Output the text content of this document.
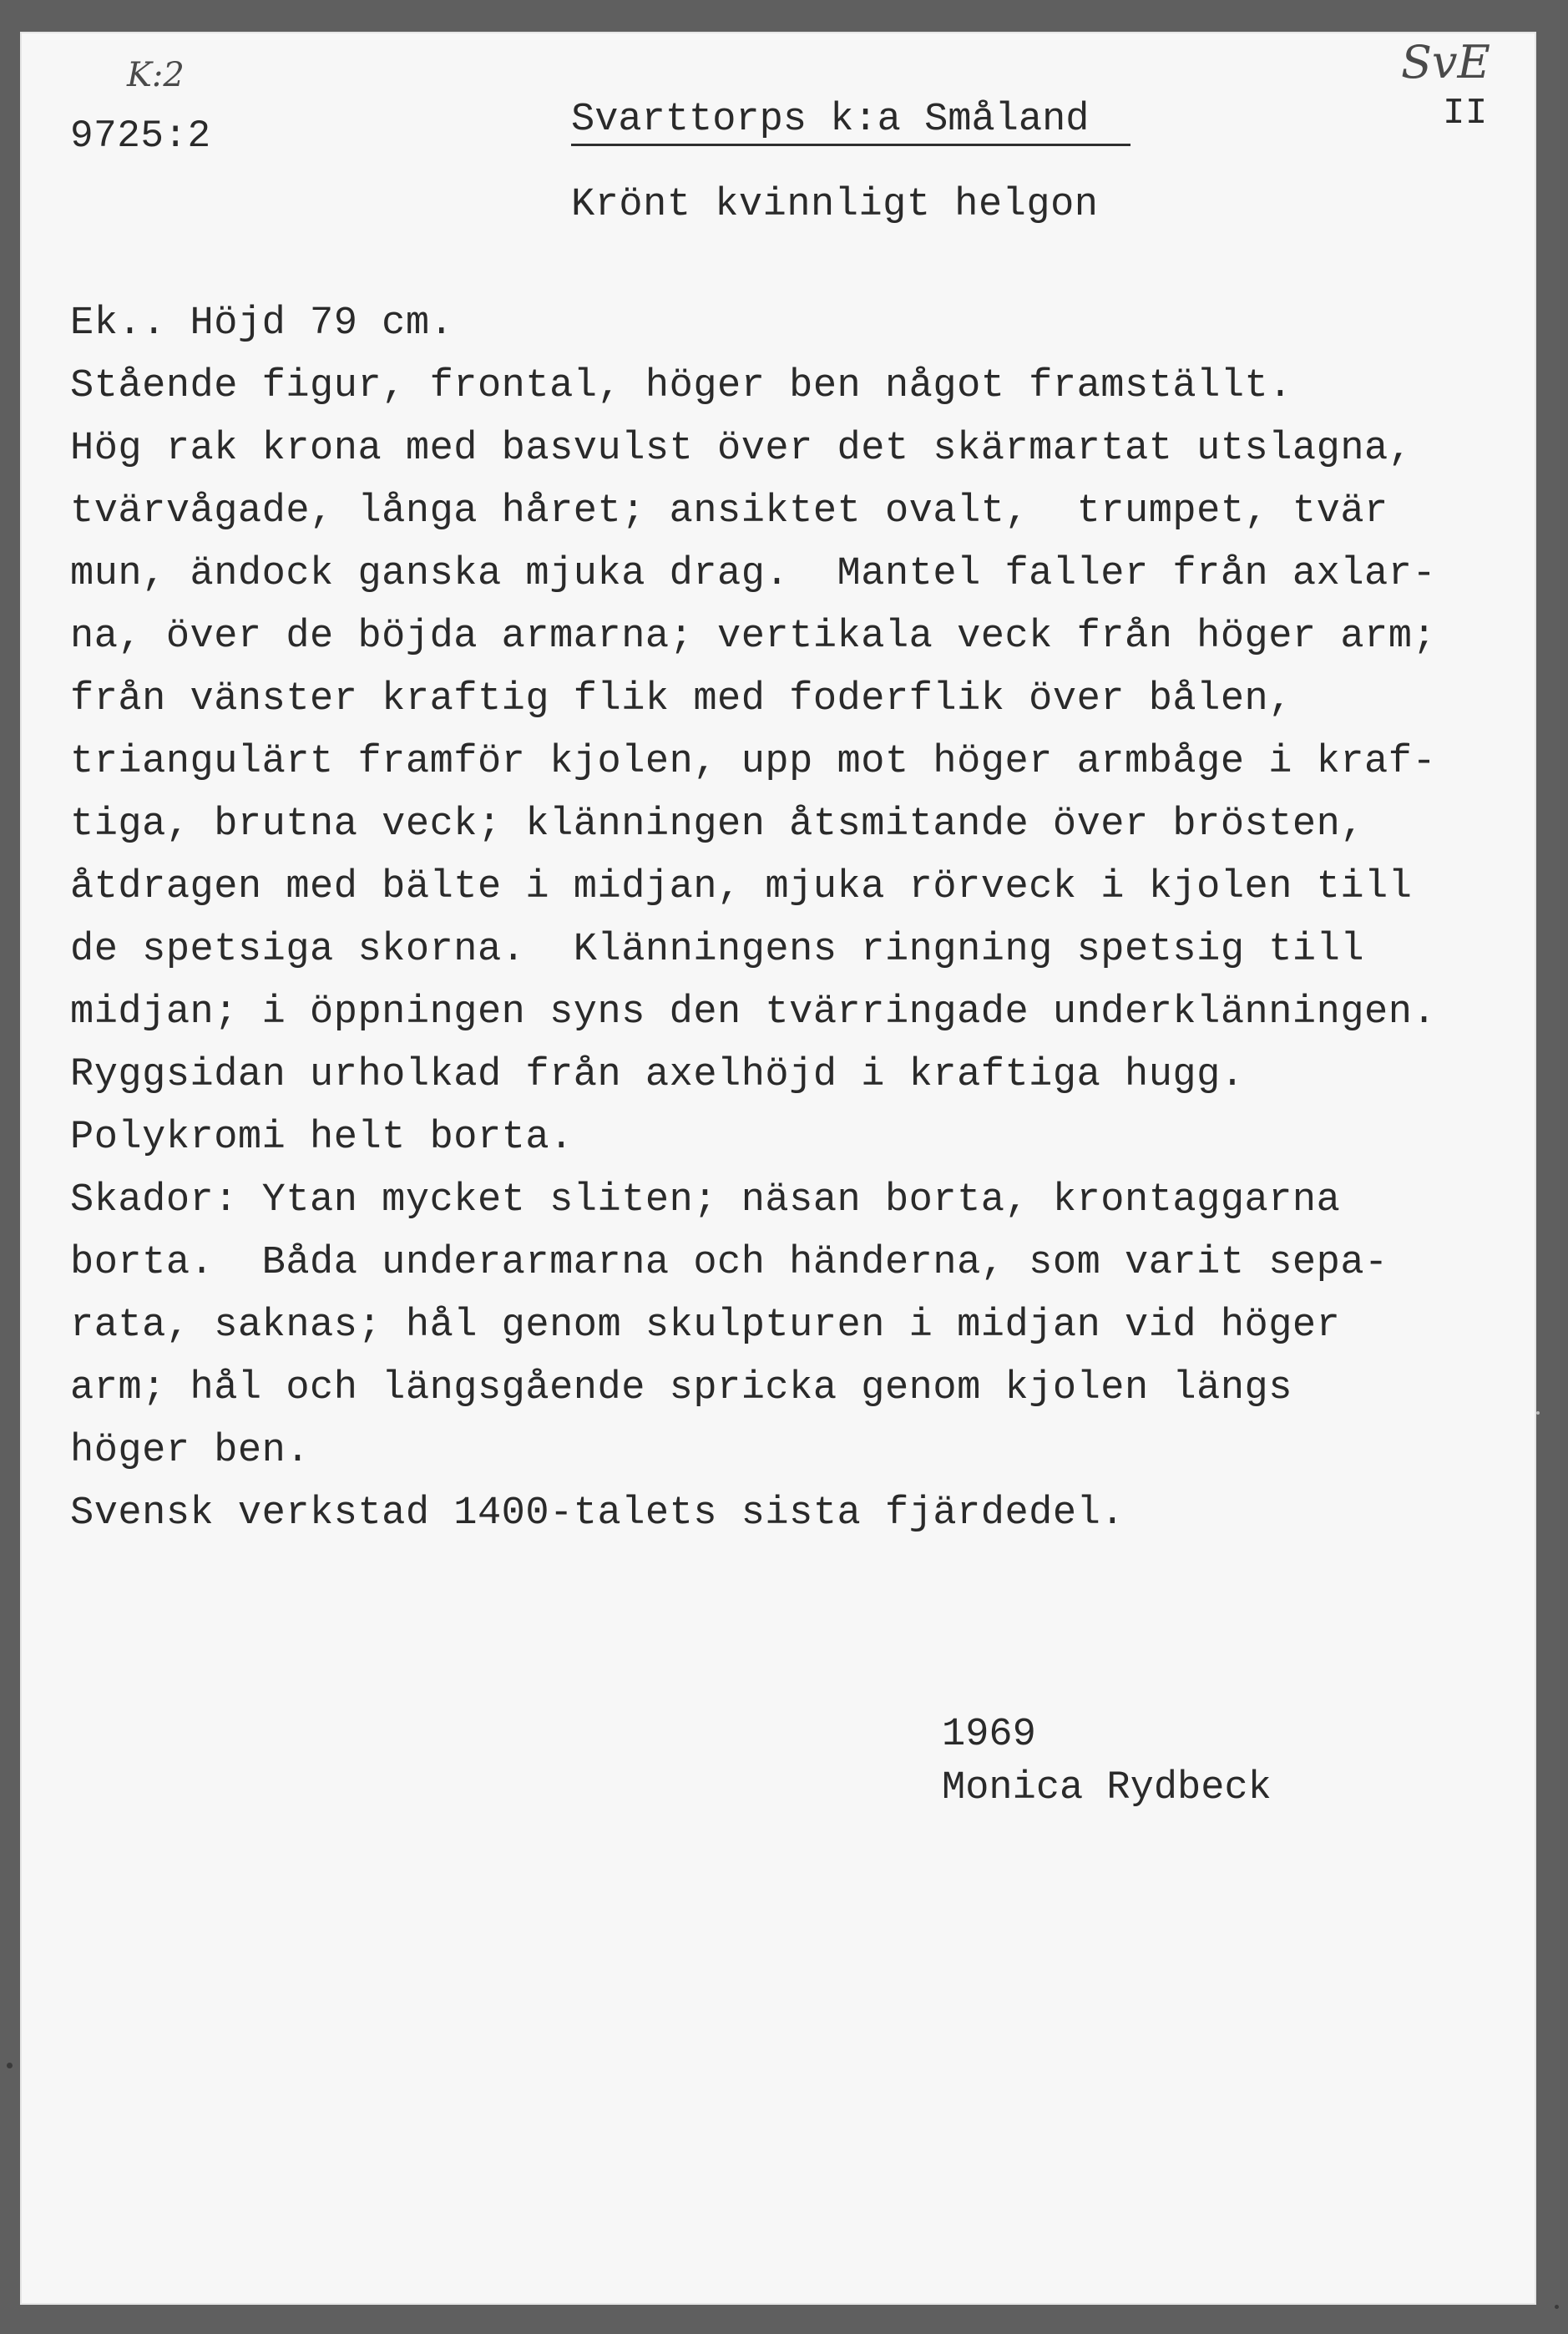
K:2
9725:2
SvE
II
Svarttorps k:a Småland
Krönt kvinnligt helgon
Ek.. Höjd 79 cm.
Stående figur, frontal, höger ben något framställt.
Hög rak krona med basvulst över det skärmartat utslagna,
tvärvågade, långa håret; ansiktet ovalt,  trumpet, tvär
mun, ändock ganska mjuka drag.  Mantel faller från axlar-
na, över de böjda armarna; vertikala veck från höger arm;
från vänster kraftig flik med foderflik över bålen,
triangulärt framför kjolen, upp mot höger armbåge i kraf-
tiga, brutna veck; klänningen åtsmitande över brösten,
åtdragen med bälte i midjan, mjuka rörveck i kjolen till
de spetsiga skorna.  Klänningens ringning spetsig till
midjan; i öppningen syns den tvärringade underklänningen.
Ryggsidan urholkad från axelhöjd i kraftiga hugg.
Polykromi helt borta.
Skador: Ytan mycket sliten; näsan borta, krontaggarna
borta.  Båda underarmarna och händerna, som varit sepa-
rata, saknas; hål genom skulpturen i midjan vid höger
arm; hål och längsgående spricka genom kjolen längs
höger ben.
Svensk verkstad 1400-talets sista fjärdedel.
1969
Monica Rydbeck
